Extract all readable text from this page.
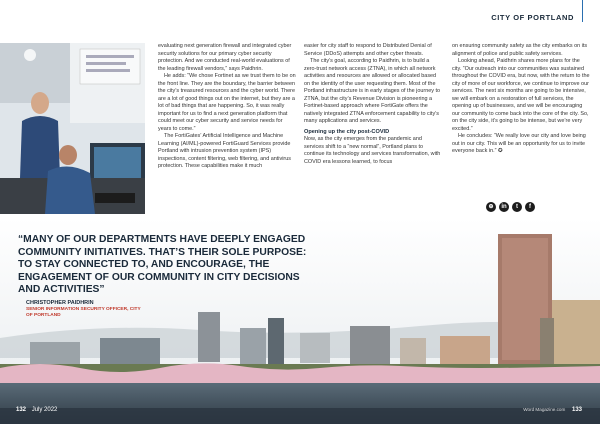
CITY OF PORTLAND

evaluating next generation firewall and integrated cyber security solutions for our primary cyber security protection. And we conducted real-world evaluations of the leading firewall vendors,” says Paidhrin.

He adds: “We chose Fortinet as we trust them to be on the front line. They are the boundary, the barrier between the city’s treasured resources and the cyber world. There are a lot of good things out on the internet, but they are a lot of bad things that are happening. So, it was really important for us to find a next generation platform that could meet our cyber security and service needs for years to come.”

The FortiGates’ Artificial Intelligence and Machine Learning (AI/ML)-powered FortiGuard Services provide Portland with intrusion prevention system (IPS) inspections, content filtering, web filtering, and antivirus protection. These capabilities make it much

easier for city staff to respond to Distributed Denial of Service (DDoS) attempts and other cyber threats.

The city’s goal, according to Paidhrin, is to build a zero-trust network access (ZTNA), in which all network activities and resources are allowed or allocated based on the identity of the user requesting them. Most of the Portland infrastructure is in early stages of the journey to ZTNA, but the city’s Revenue Division is pioneering a Fortinet-based approach where FortiGate offers the natively integrated ZTNA enforcement capability to city’s many applications and services.

Opening up the city post-COVID

Now, as the city emerges from the pandemic and services shift to a “new normal”, Portland plans to continue its technology and services transformation, with COVID era lessons learned, to focus

on ensuring community safety as the city embarks on its alignment of police and public safety services.

Looking ahead, Paidhrin shares more plans for the city. “Our outreach into our communities was sustained throughout the COVID era, but now, with the return to the city of more of our workforce, we continue to improve our services. The next six months are going to be intensive, we will embark on a restoration of full services, the opening up of businesses, and we will be encouraging our community to come back into the core of the city. So, on the city side, it’s going to be intense, but we’re very excited.”

He concludes: “We really love our city and love being out in our city. This will be an opportunity for us to invite everyone back in.” ✪

⊕	in	t	f
“MANY OF OUR DEPARTMENTS HAVE DEEPLY ENGAGED COMMUNITY INITIATIVES. THAT’S THEIR SOLE PURPOSE: TO STAY CONNECTED TO, AND ENCOURAGE, THE ENGAGEMENT OF OUR COMMUNITY IN CITY DECISIONS AND ACTIVITIES”
CHRISTOPHER PAIDHRIN
SENIOR INFORMATION SECURITY OFFICER, CITY OF PORTLAND
132 July 2022	Word Magazine.com 133
